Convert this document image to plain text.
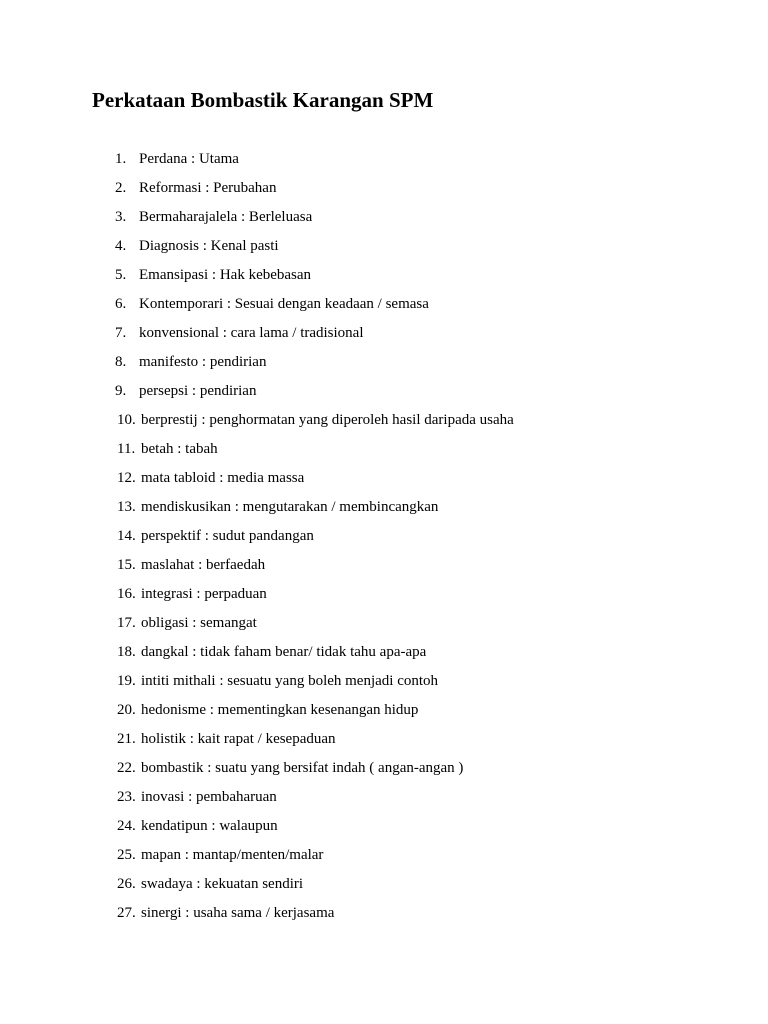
Perkataan Bombastik Karangan SPM
1. Perdana : Utama
2. Reformasi : Perubahan
3. Bermaharajalela : Berleluasa
4. Diagnosis : Kenal pasti
5. Emansipasi : Hak kebebasan
6. Kontemporari : Sesuai dengan keadaan / semasa
7. konvensional : cara lama / tradisional
8. manifesto : pendirian
9. persepsi : pendirian
10. berprestij : penghormatan yang diperoleh hasil daripada usaha
11. betah : tabah
12. mata tabloid : media massa
13. mendiskusikan : mengutarakan / membincangkan
14. perspektif : sudut pandangan
15. maslahat : berfaedah
16. integrasi : perpaduan
17. obligasi : semangat
18. dangkal : tidak faham benar/ tidak tahu apa-apa
19. intiti mithali : sesuatu yang boleh menjadi contoh
20. hedonisme : mementingkan kesenangan hidup
21. holistik : kait rapat / kesepaduan
22. bombastik : suatu yang bersifat indah ( angan-angan )
23. inovasi : pembaharuan
24. kendatipun : walaupun
25. mapan : mantap/menten/malar
26. swadaya : kekuatan sendiri
27. sinergi : usaha sama / kerjasama
